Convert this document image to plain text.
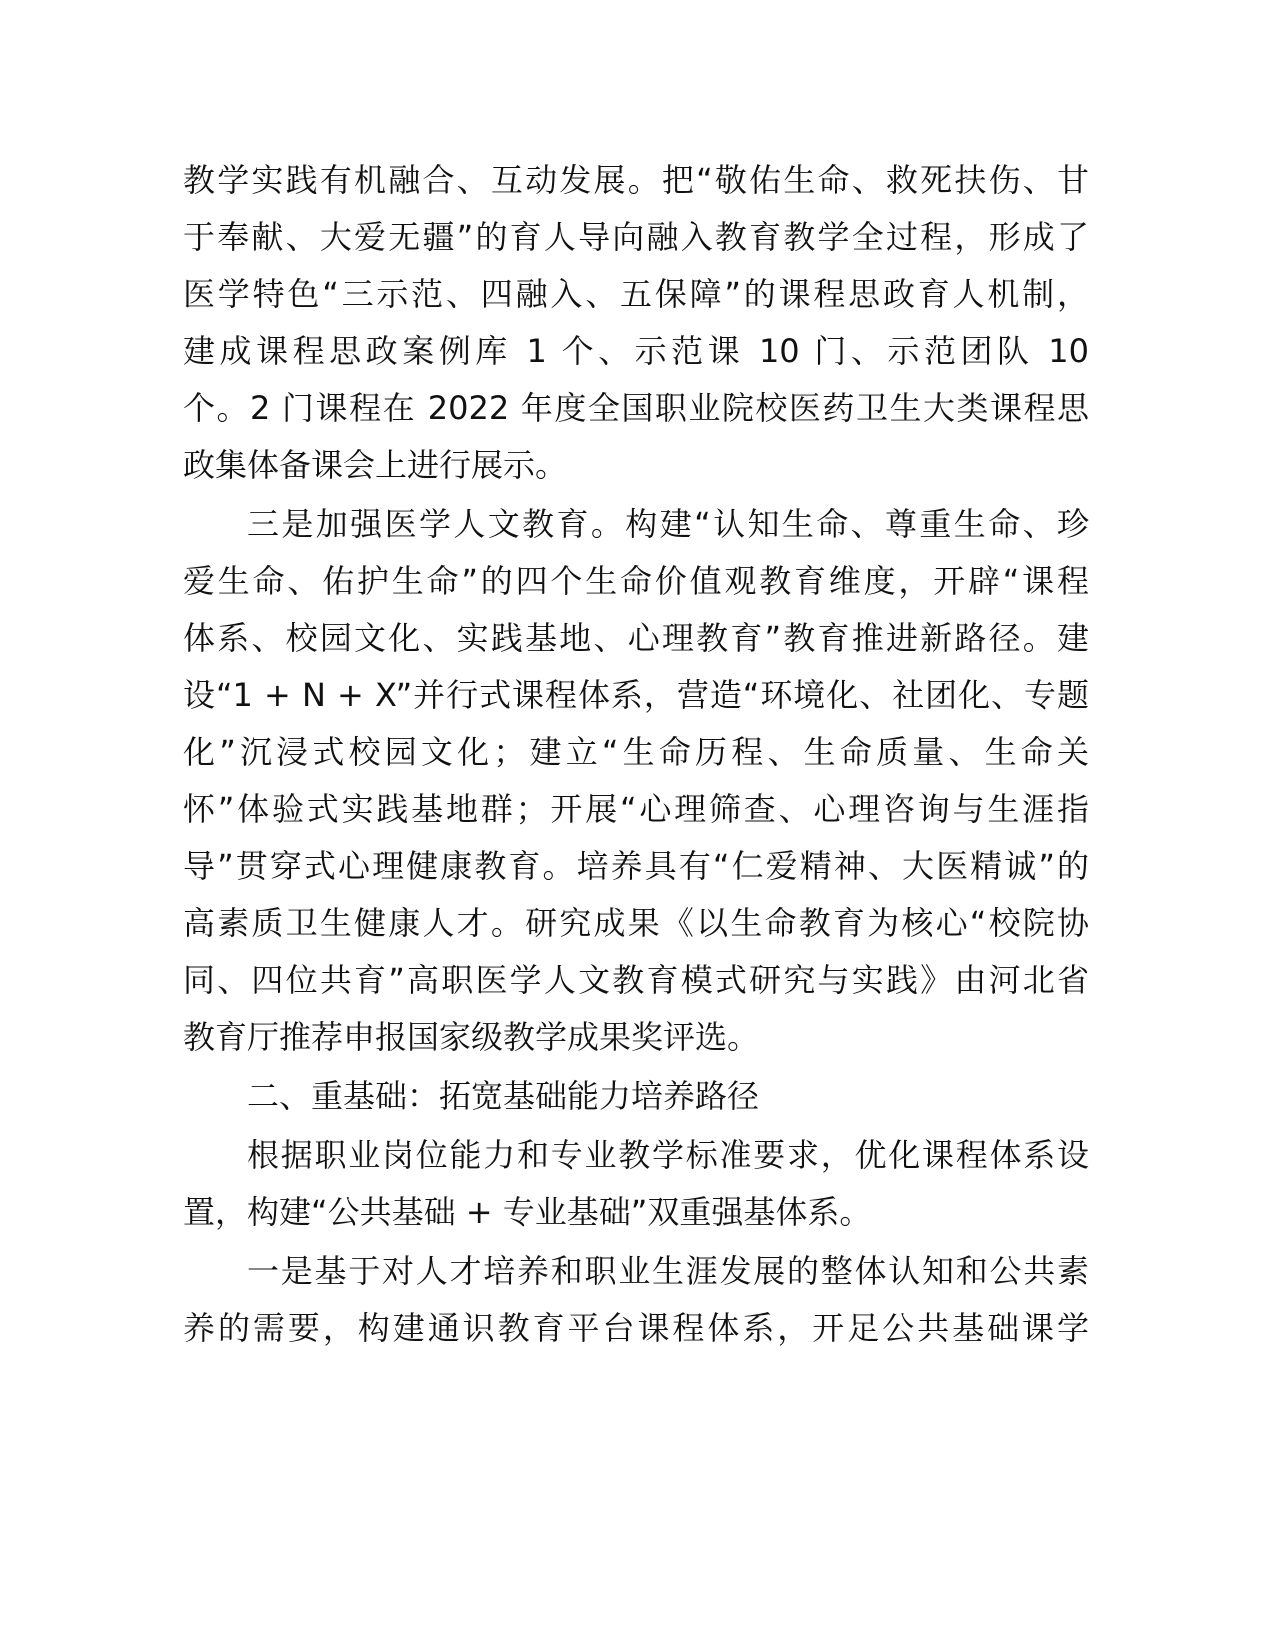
教学实践有机融合、互动发展。把“敬佑生命、救死扶伤、甘
于奉献、大爱无疆”的育人导向融入教育教学全过程，形成了
医学特色“三示范、四融入、五保障”的课程思政育人机制，
建成课程思政案例库 1 个、示范课 10 门、示范团队 10
个。2 门课程在 2022 年度全国职业院校医药卫生大类课程思
政集体备课会上进行展示。
三是加强医学人文教育。构建“认知生命、尊重生命、珍
爱生命、佑护生命”的四个生命价值观教育维度，开辟“课程
体系、校园文化、实践基地、心理教育”教育推进新路径。建
设“1 + N + X”并行式课程体系，营造“环境化、社团化、专题
化”沉浸式校园文化；建立“生命历程、生命质量、生命关
怀”体验式实践基地群；开展“心理筛查、心理咨询与生涯指
导”贯穿式心理健康教育。培养具有“仁爱精神、大医精诚”的
高素质卫生健康人才。研究成果《以生命教育为核心“校院协
同、四位共育”高职医学人文教育模式研究与实践》由河北省
教育厅推荐申报国家级教学成果奖评选。
二、重基础：拓宽基础能力培养路径
根据职业岗位能力和专业教学标准要求，优化课程体系设
置，构建“公共基础 + 专业基础”双重强基体系。
一是基于对人才培养和职业生涯发展的整体认知和公共素
养的需要，构建通识教育平台课程体系，开足公共基础课学
